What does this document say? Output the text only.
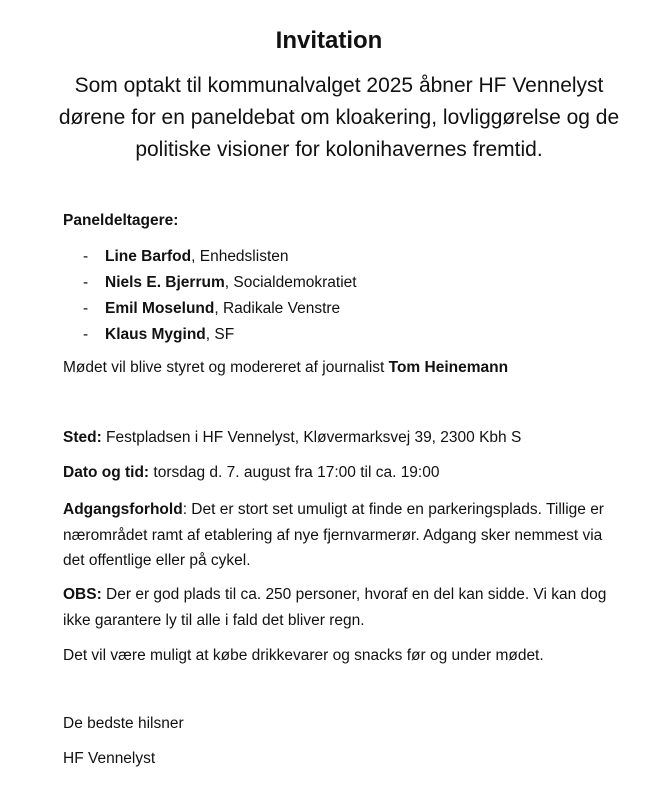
Invitation
Som optakt til kommunalvalget 2025 åbner HF Vennelyst dørene for en paneldebat om kloakering, lovliggørelse og de politiske visioner for kolonihavernes fremtid.
Paneldeltagere:
- Line Barfod, Enhedslisten
- Niels E. Bjerrum, Socialdemokratiet
- Emil Moselund, Radikale Venstre
- Klaus Mygind, SF
Mødet vil blive styret og modereret af journalist Tom Heinemann
Sted: Festpladsen i HF Vennelyst, Kløvermarksvej 39, 2300 Kbh S
Dato og tid: torsdag d. 7. august fra 17:00 til ca. 19:00
Adgangsforhold: Det er stort set umuligt at finde en parkeringsplads. Tillige er nærområdet ramt af etablering af nye fjernvarmerør. Adgang sker nemmest via det offentlige eller på cykel.
OBS: Der er god plads til ca. 250 personer, hvoraf en del kan sidde. Vi kan dog ikke garantere ly til alle i fald det bliver regn.
Det vil være muligt at købe drikkevarer og snacks før og under mødet.
De bedste hilsner
HF Vennelyst
